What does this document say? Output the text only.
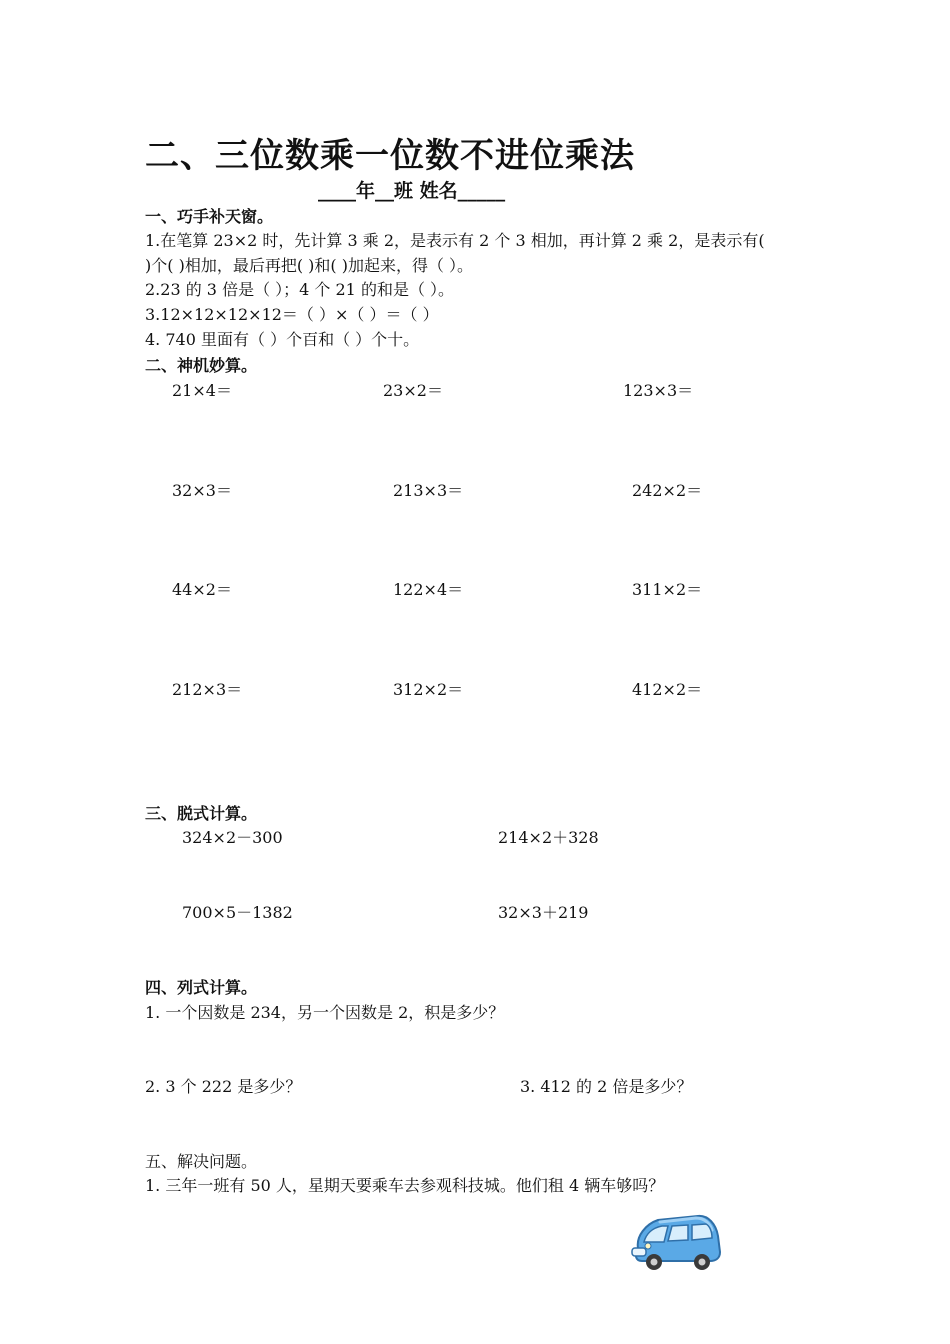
二、三位数乘一位数不进位乘法
____年__班 姓名_____
一、巧手补天窗。
1.在笔算 23×2 时，先计算 3 乘 2，是表示有 2 个 3 相加，再计算 2 乘 2，是表示有(
)个( )相加，最后再把( )和( )加起来，得（ ）。
2.23 的 3 倍是（ ）；4 个 21 的和是（ ）。
3.12×12×12×12＝（ ）×（ ）＝（ ）
4. 740 里面有（ ）个百和（ ）个十。
二、神机妙算。
21×4＝	23×2＝	123×3＝
32×3＝	213×3＝	242×2＝
44×2＝	122×4＝	311×2＝
212×3＝	312×2＝	412×2＝
三、脱式计算。
324×2－300	214×2＋328
700×5－1382	32×3＋219
四、列式计算。
1. 一个因数是 234，另一个因数是 2，积是多少？
2. 3 个 222 是多少？	3. 412 的 2 倍是多少？
五、解决问题。
1. 三年一班有 50 人，星期天要乘车去参观科技城。他们租 4 辆车够吗？
